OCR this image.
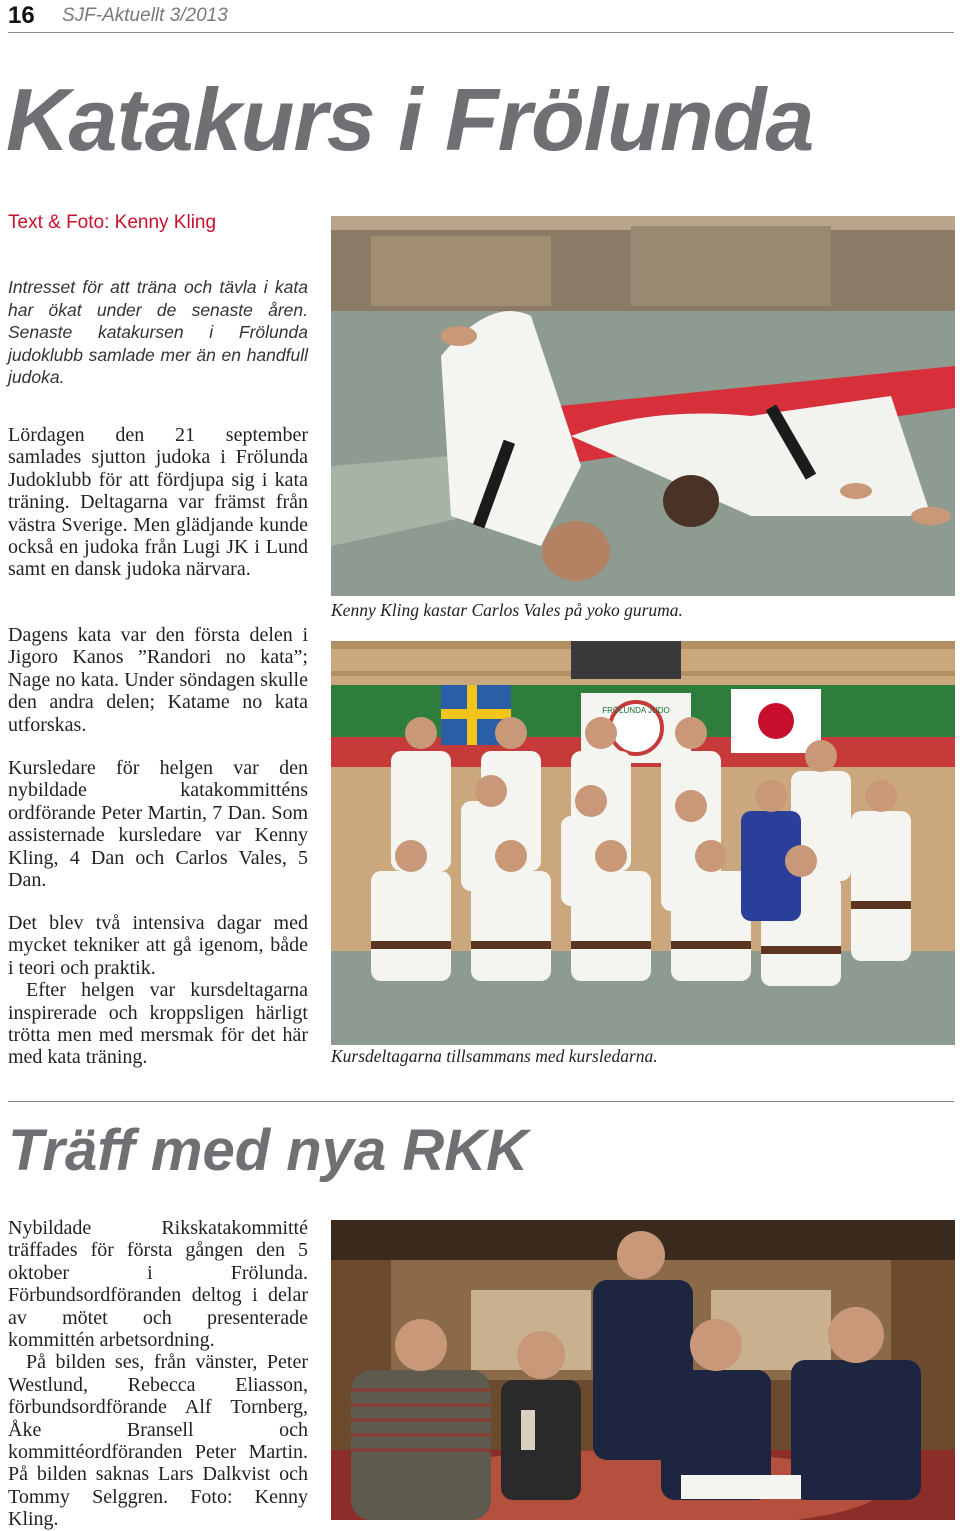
16 SJF-Aktuellt 3/2013
Katakurs i Frölunda
Text & Foto: Kenny Kling
Intresset för att träna och tävla i kata har ökat under de senaste åren. Senaste katakursen i Frölunda judoklubb samlade mer än en handfull judoka.
Lördagen den 21 september samlades sjutton judoka i Frölunda Judoklubb för att fördjupa sig i kata träning. Deltagarna var främst från västra Sverige. Men glädjande kunde också en judoka från Lugi JK i Lund samt en dansk judoka närvara.
Dagens kata var den första delen i Jigoro Kanos ”Randori no kata”; Nage no kata. Under söndagen skulle den andra delen; Katame no kata utforskas.
Kursledare för helgen var den nybildade katakommitténs ordförande Peter Martin, 7 Dan. Som assisternade kursledare var Kenny Kling, 4 Dan och Carlos Vales, 5 Dan.

Det blev två intensiva dagar med mycket tekniker att gå igenom, både i teori och praktik.

Efter helgen var kursdeltagarna inspirerade och kroppsligen härligt trötta men med mersmak för det här med kata träning.

Kenny Kling kastar Carlos Vales på yoko guruma.
FRÖLUNDA JUDO
Kursdeltagarna tillsammans med kursledarna.
Träff med nya RKK

Nybildade Rikskatakommitté träffades för första gången den 5 oktober i Frölunda. Förbundsordföranden deltog i delar av mötet och presenterade kommittén arbetsordning.

På bilden ses, från vänster, Peter Westlund, Rebecca Eliasson, förbundsordförande Alf Tornberg, Åke Bransell och kommittéordföranden Peter Martin. På bilden saknas Lars Dalkvist och Tommy Selggren. Foto: Kenny Kling.
